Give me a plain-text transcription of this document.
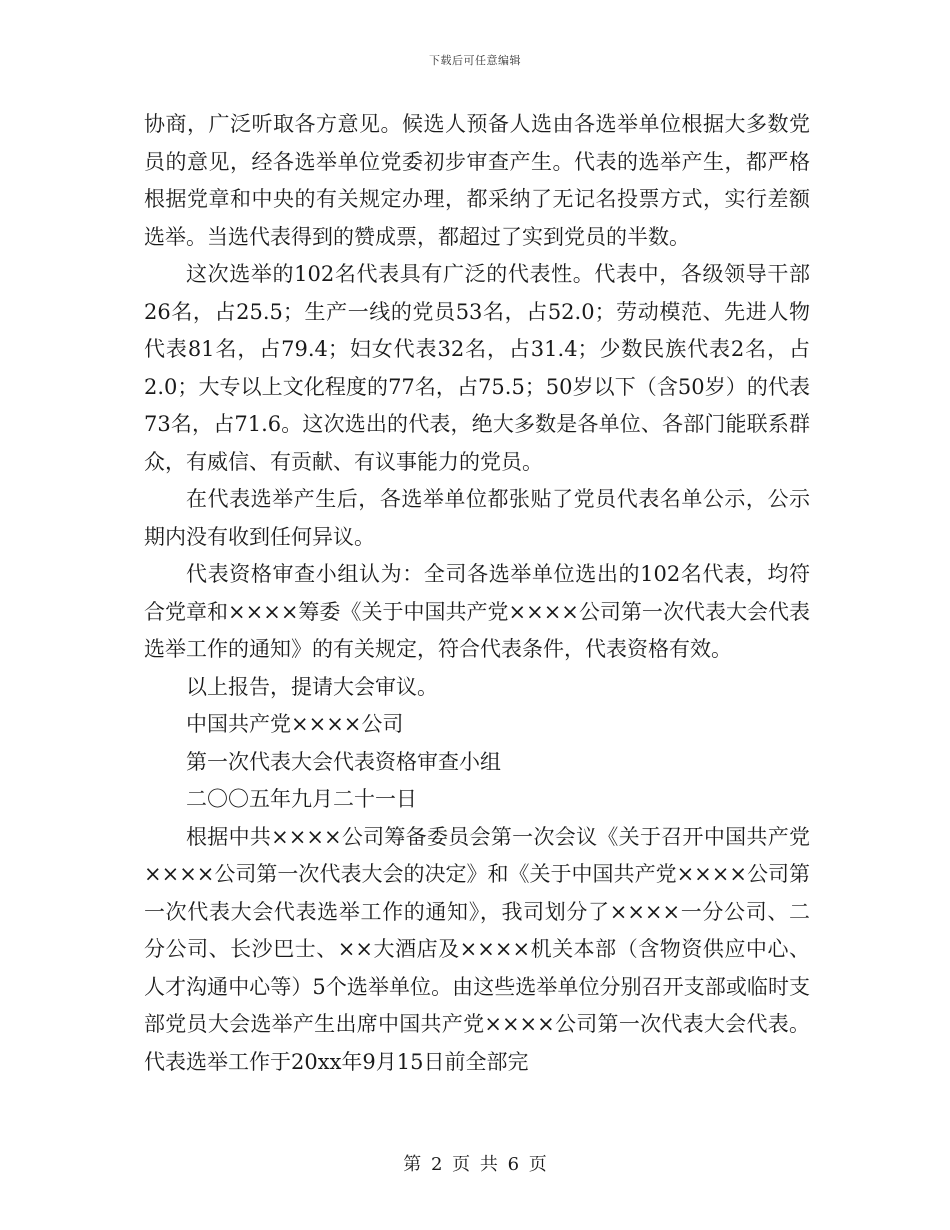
下载后可任意编辑

协商，广泛听取各方意见。候选人预备人选由各选举单位根据大多数党员的意见，经各选举单位党委初步审查产生。代表的选举产生，都严格根据党章和中央的有关规定办理，都采纳了无记名投票方式，实行差额选举。当选代表得到的赞成票，都超过了实到党员的半数。

这次选举的102名代表具有广泛的代表性。代表中，各级领导干部26名，占25.5；生产一线的党员53名，占52.0；劳动模范、先进人物代表81名，占79.4；妇女代表32名，占31.4；少数民族代表2名，占2.0；大专以上文化程度的77名，占75.5；50岁以下（含50岁）的代表73名，占71.6。这次选出的代表，绝大多数是各单位、各部门能联系群众，有威信、有贡献、有议事能力的党员。

在代表选举产生后，各选举单位都张贴了党员代表名单公示，公示期内没有收到任何异议。

代表资格审查小组认为：全司各选举单位选出的102名代表，均符合党章和××××筹委《关于中国共产党××××公司第一次代表大会代表选举工作的通知》的有关规定，符合代表条件，代表资格有效。

以上报告，提请大会审议。

中国共产党××××公司

第一次代表大会代表资格审查小组

二〇〇五年九月二十一日

根据中共××××公司筹备委员会第一次会议《关于召开中国共产党××××公司第一次代表大会的决定》和《关于中国共产党××××公司第一次代表大会代表选举工作的通知》，我司划分了××××一分公司、二分公司、长沙巴士、××大酒店及××××机关本部（含物资供应中心、人才沟通中心等）5个选举单位。由这些选举单位分别召开支部或临时支部党员大会选举产生出席中国共产党××××公司第一次代表大会代表。代表选举工作于20xx年9月15日前全部完

第 2 页 共 6 页
